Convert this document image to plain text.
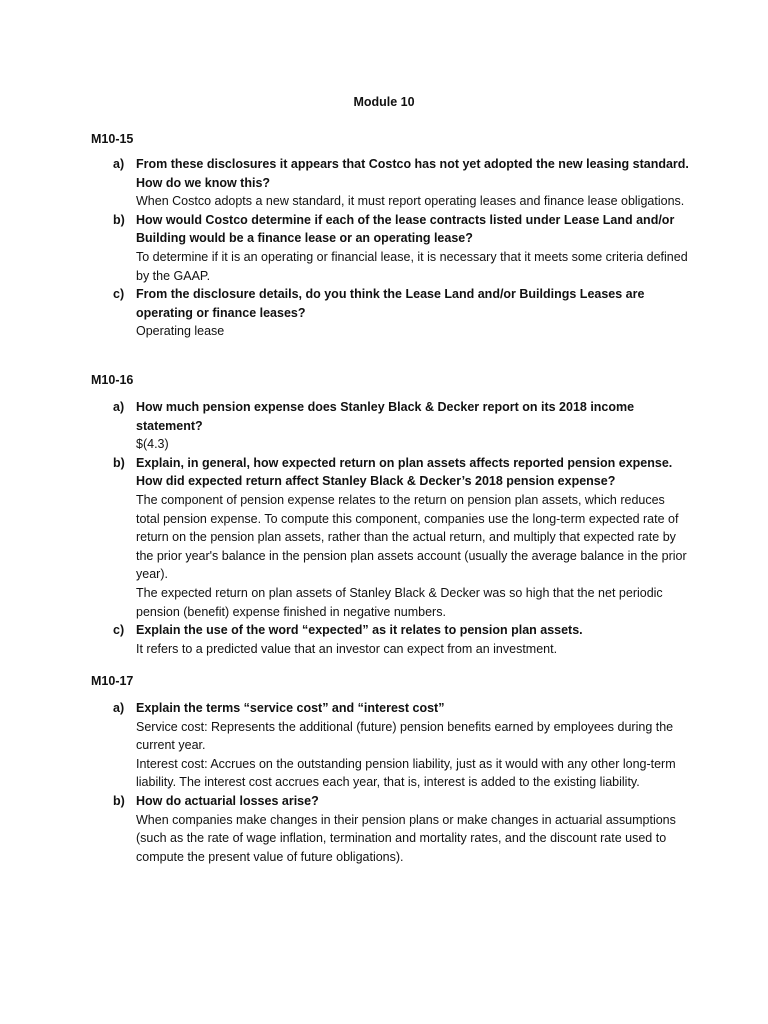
Module 10
M10-15
a) From these disclosures it appears that Costco has not yet adopted the new leasing standard. How do we know this?
When Costco adopts a new standard, it must report operating leases and finance lease obligations.
b) How would Costco determine if each of the lease contracts listed under Lease Land and/or Building would be a finance lease or an operating lease?
To determine if it is an operating or financial lease, it is necessary that it meets some criteria defined by the GAAP.
c) From the disclosure details, do you think the Lease Land and/or Buildings Leases are operating or finance leases?
Operating lease
M10-16
a) How much pension expense does Stanley Black & Decker report on its 2018 income statement?
$(4.3)
b) Explain, in general, how expected return on plan assets affects reported pension expense. How did expected return affect Stanley Black & Decker’s 2018 pension expense?
The component of pension expense relates to the return on pension plan assets, which reduces total pension expense. To compute this component, companies use the long-term expected rate of return on the pension plan assets, rather than the actual return, and multiply that expected rate by the prior year's balance in the pension plan assets account (usually the average balance in the prior year).
The expected return on plan assets of Stanley Black & Decker was so high that the net periodic pension (benefit) expense finished in negative numbers.
c) Explain the use of the word “expected” as it relates to pension plan assets.
It refers to a predicted value that an investor can expect from an investment.
M10-17
a) Explain the terms “service cost” and “interest cost”
Service cost: Represents the additional (future) pension benefits earned by employees during the current year.
Interest cost: Accrues on the outstanding pension liability, just as it would with any other long-term liability. The interest cost accrues each year, that is, interest is added to the existing liability.
b) How do actuarial losses arise?
When companies make changes in their pension plans or make changes in actuarial assumptions (such as the rate of wage inflation, termination and mortality rates, and the discount rate used to compute the present value of future obligations).
